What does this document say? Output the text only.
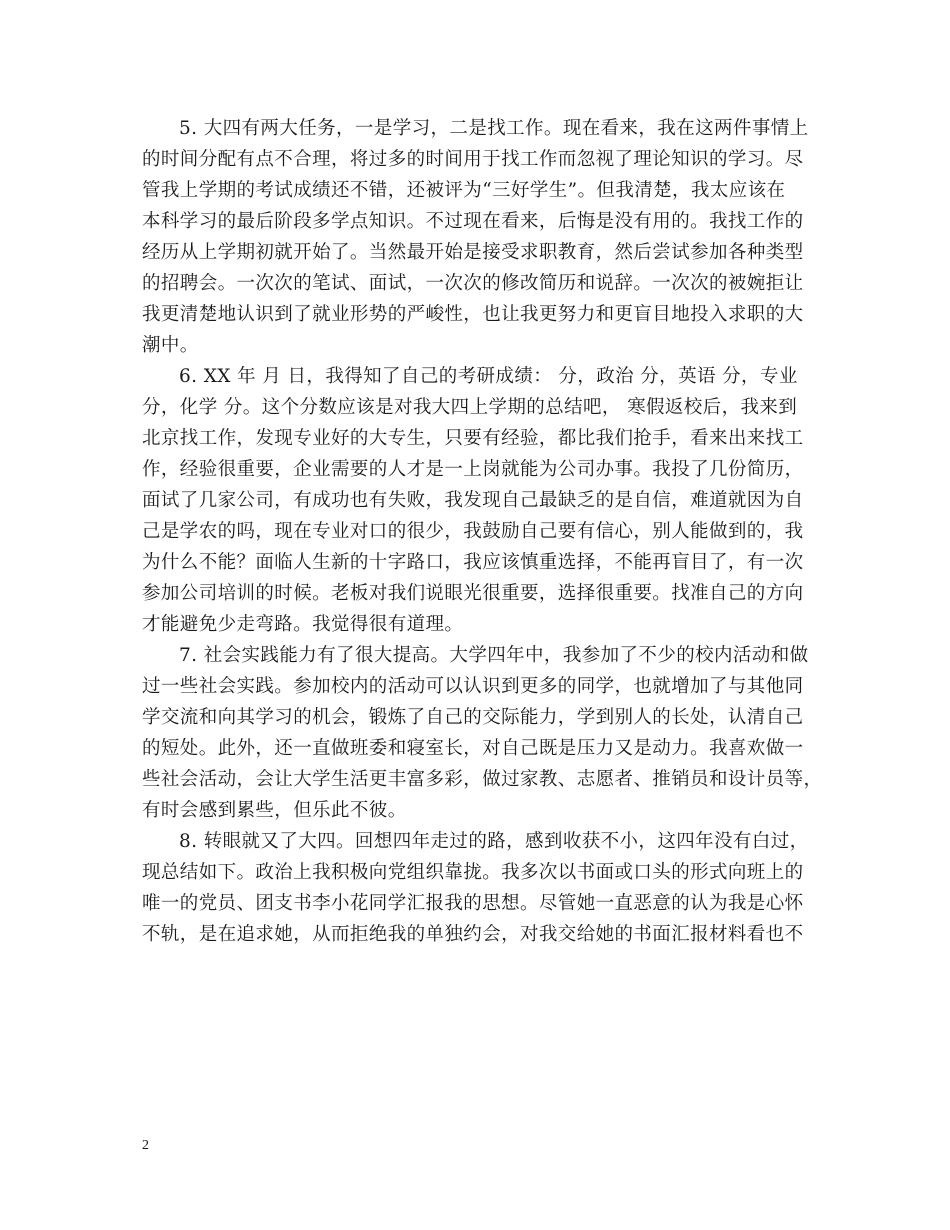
5. 大四有两大任务，一是学习，二是找工作。现在看来，我在这两件事情上
的时间分配有点不合理，将过多的时间用于找工作而忽视了理论知识的学习。尽
管我上学期的考试成绩还不错，还被评为“三好学生”。但我清楚，我太应该在
本科学习的最后阶段多学点知识。不过现在看来，后悔是没有用的。我找工作的
经历从上学期初就开始了。当然最开始是接受求职教育，然后尝试参加各种类型
的招聘会。一次次的笔试、面试，一次次的修改简历和说辞。一次次的被婉拒让
我更清楚地认识到了就业形势的严峻性，也让我更努力和更盲目地投入求职的大
潮中。
6. XX 年 月 日，我得知了自己的考研成绩： 分，政治 分，英语 分，专业
分，化学 分。这个分数应该是对我大四上学期的总结吧， 寒假返校后，我来到
北京找工作，发现专业好的大专生，只要有经验，都比我们抢手，看来出来找工
作，经验很重要，企业需要的人才是一上岗就能为公司办事。我投了几份简历，
面试了几家公司，有成功也有失败，我发现自己最缺乏的是自信，难道就因为自
己是学农的吗，现在专业对口的很少，我鼓励自己要有信心，别人能做到的，我
为什么不能？面临人生新的十字路口，我应该慎重选择，不能再盲目了，有一次
参加公司培训的时候。老板对我们说眼光很重要，选择很重要。找准自己的方向
才能避免少走弯路。我觉得很有道理。
7. 社会实践能力有了很大提高。大学四年中，我参加了不少的校内活动和做
过一些社会实践。参加校内的活动可以认识到更多的同学，也就增加了与其他同
学交流和向其学习的机会，锻炼了自己的交际能力，学到别人的长处，认清自己
的短处。此外，还一直做班委和寝室长，对自己既是压力又是动力。我喜欢做一
些社会活动，会让大学生活更丰富多彩，做过家教、志愿者、推销员和设计员等，
有时会感到累些，但乐此不彼。
8. 转眼就又了大四。回想四年走过的路，感到收获不小，这四年没有白过，
现总结如下。政治上我积极向党组织靠拢。我多次以书面或口头的形式向班上的
唯一的党员、团支书李小花同学汇报我的思想。尽管她一直恶意的认为我是心怀
不轨，是在追求她，从而拒绝我的单独约会，对我交给她的书面汇报材料看也不
2
